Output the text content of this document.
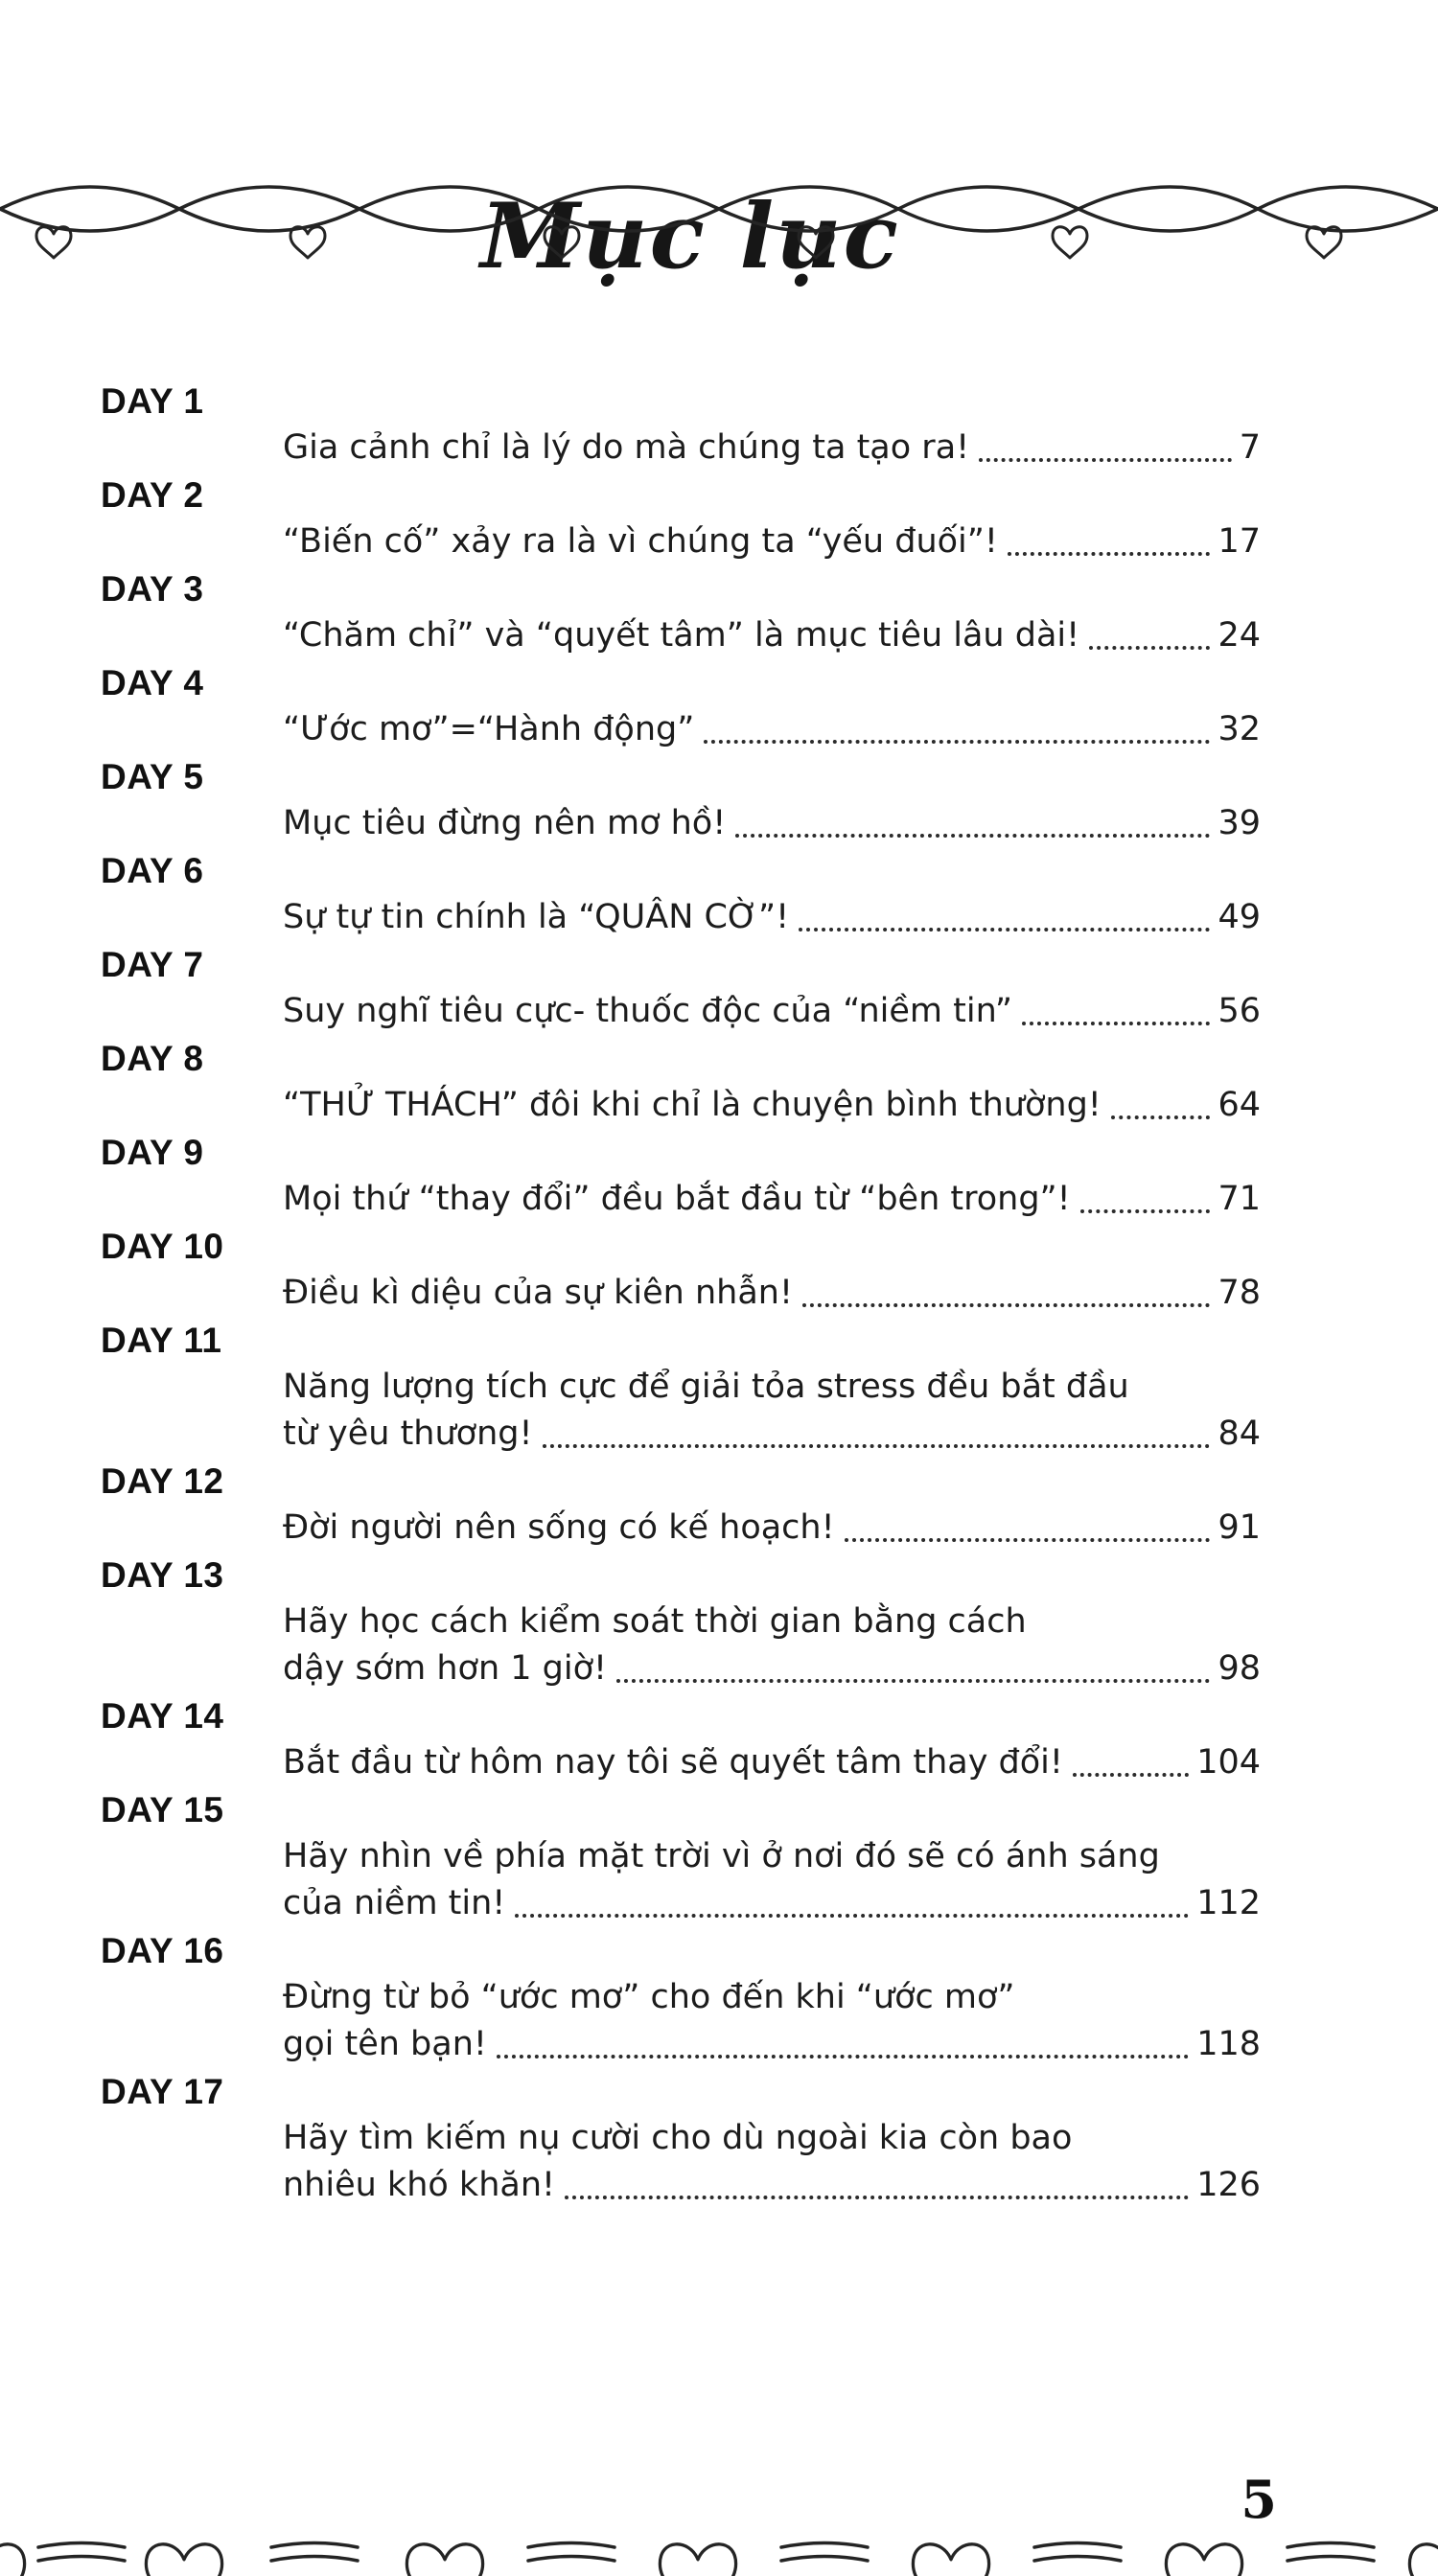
Mục lục
DAY 1
Gia cảnh chỉ là lý do mà chúng ta tạo ra!	7
DAY 2
“Biến cố” xảy ra là vì chúng ta “yếu đuối”!	17
DAY 3
“Chăm chỉ” và “quyết tâm” là mục tiêu lâu dài!	24
DAY 4
“Ước mơ”=“Hành động”	32
DAY 5
Mục tiêu đừng nên mơ hồ!	39
DAY 6
Sự tự tin chính là “QUÂN CỜ”!	49
DAY 7
Suy nghĩ tiêu cực- thuốc độc của “niềm tin”	56
DAY 8
“THỬ THÁCH” đôi khi chỉ là chuyện bình thường!	64
DAY 9
Mọi thứ “thay đổi” đều bắt đầu từ “bên trong”!	71
DAY 10
Điều kì diệu của sự kiên nhẫn!	78
DAY 11
Năng lượng tích cực để giải tỏa stress đều bắt đầu
từ yêu thương!	84
DAY 12
Đời người nên sống có kế hoạch!	91
DAY 13
Hãy học cách kiểm soát thời gian bằng cách
dậy sớm hơn 1 giờ!	98
DAY 14
Bắt đầu từ hôm nay tôi sẽ quyết tâm thay đổi!	104
DAY 15
Hãy nhìn về phía mặt trời vì ở nơi đó sẽ có ánh sáng
của niềm tin!	112
DAY 16
Đừng từ bỏ “ước mơ” cho đến khi “ước mơ”
gọi tên bạn!	118
DAY 17
Hãy tìm kiếm nụ cười cho dù ngoài kia còn bao
nhiêu khó khăn!	126
5
